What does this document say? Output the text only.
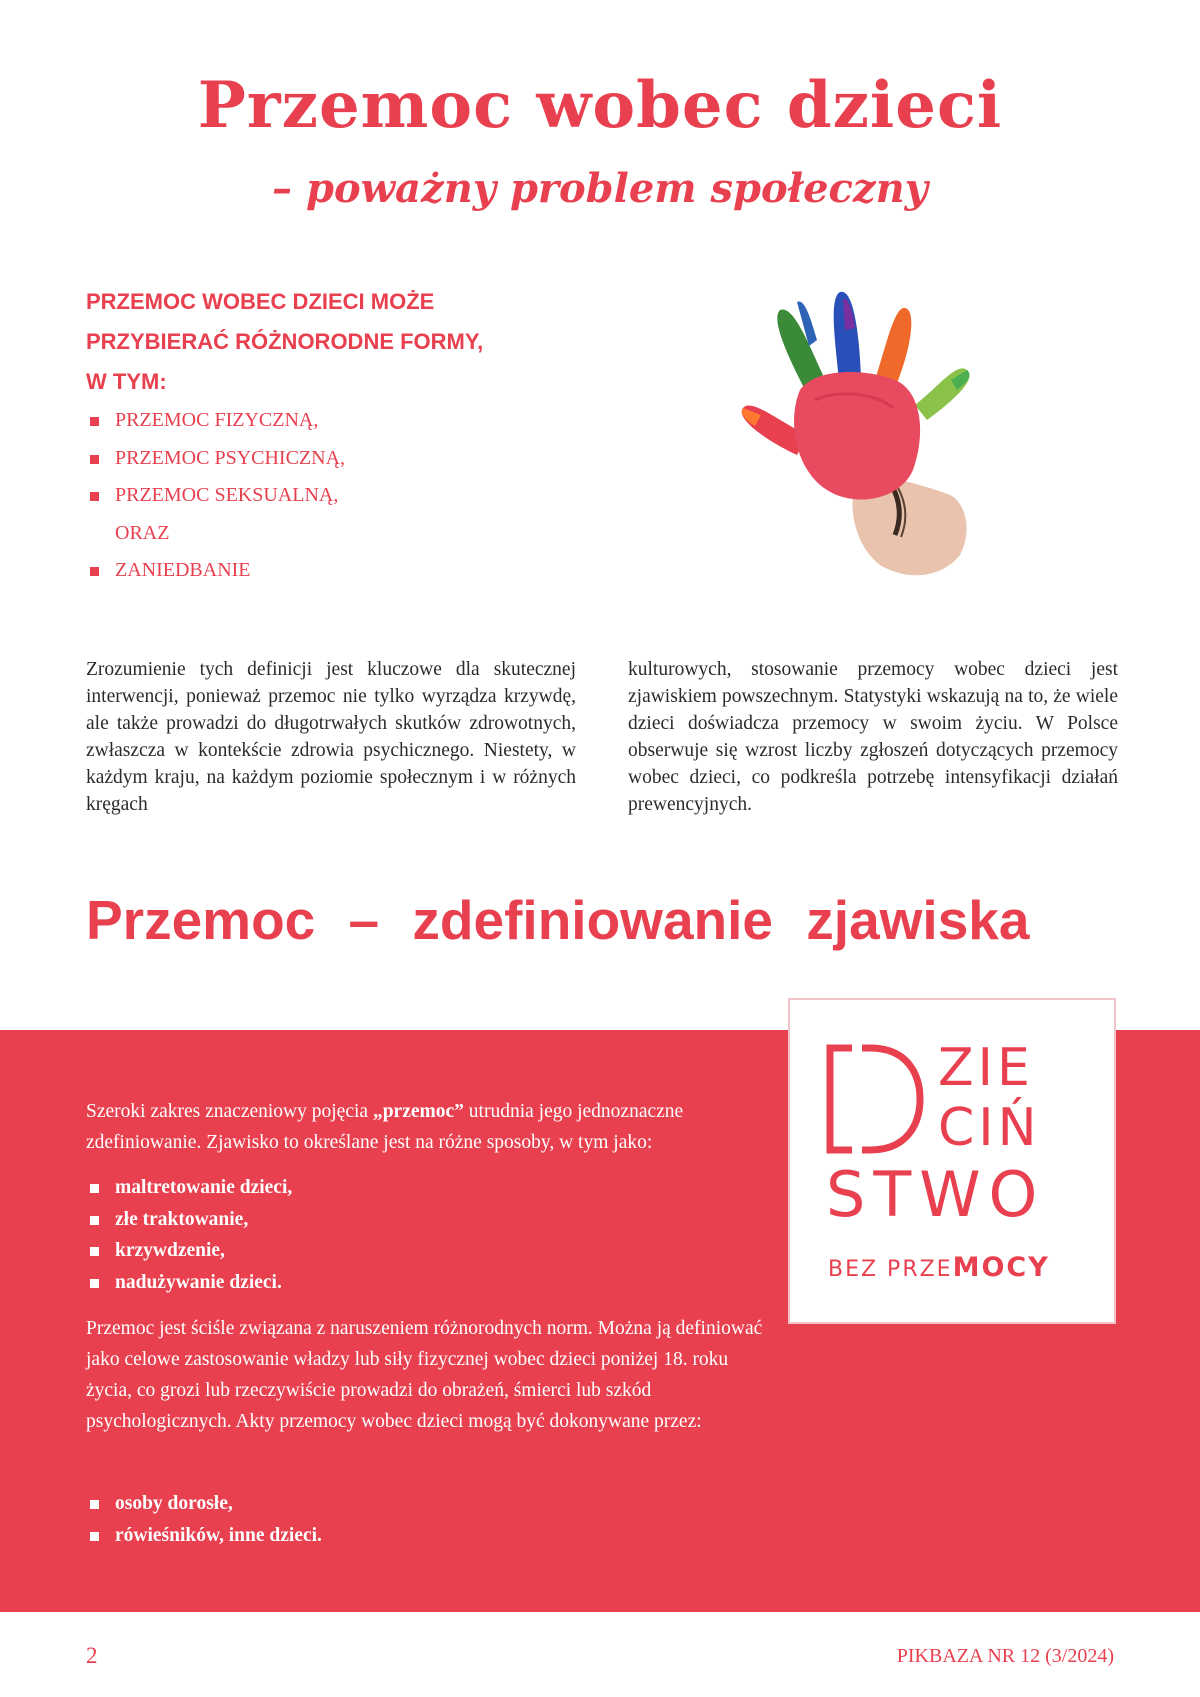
Przemoc wobec dzieci
– poważny problem społeczny
PRZEMOC WOBEC DZIECI MOŻE
PRZYBIERAĆ RÓŻNORODNE FORMY,
W TYM:
PRZEMOC FIZYCZNĄ,
PRZEMOC PSYCHICZNĄ,
PRZEMOC SEKSUALNĄ,
ORAZ
ZANIEDBANIE

Zrozumienie tych definicji jest kluczowe dla skutecznej interwencji, ponieważ przemoc nie tylko wyrządza krzywdę, ale także prowadzi do długotrwałych skutków zdrowotnych, zwłaszcza w kontekście zdrowia psychicznego. Niestety, w każdym kraju, na każdym poziomie społecznym i w różnych kręgach

kulturowych, stosowanie przemocy wobec dzieci jest zjawiskiem powszechnym. Statystyki wskazują na to, że wiele dzieci doświadcza przemocy w swoim życiu. W Polsce obserwuje się wzrost liczby zgłoszeń dotyczących przemocy wobec dzieci, co podkreśla potrzebę intensyfikacji działań prewencyjnych.

Przemoc – zdefiniowanie zjawiska
ZIE
CIŃ
STWO
BEZ PRZEMOCY

Szeroki zakres znaczeniowy pojęcia „przemoc” utrudnia jego jednoznaczne zdefiniowanie. Zjawisko to określane jest na różne sposoby, w tym jako:

maltretowanie dzieci,
złe traktowanie,
krzywdzenie,
nadużywanie dzieci.

Przemoc jest ściśle związana z naruszeniem różnorodnych norm. Można ją definiować jako celowe zastosowanie władzy lub siły fizycznej wobec dzieci poniżej 18. roku życia, co grozi lub rzeczywiście prowadzi do obrażeń, śmierci lub szkód psychologicznych. Akty przemocy wobec dzieci mogą być dokonywane przez:

osoby dorosłe,
rówieśników, inne dzieci.

2	PIKBAZA NR 12 (3/2024)
